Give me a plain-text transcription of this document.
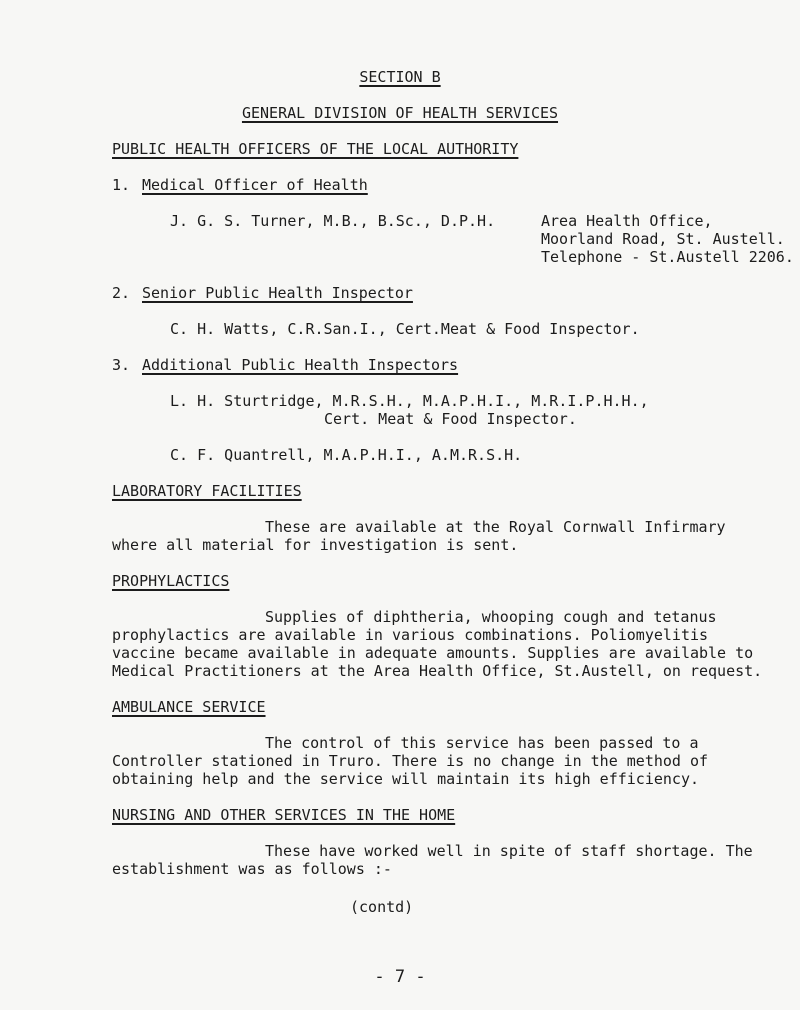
SECTION B
GENERAL DIVISION OF HEALTH SERVICES
PUBLIC HEALTH OFFICERS OF THE LOCAL AUTHORITY
1. Medical Officer of Health
J. G. S. Turner, M.B., B.Sc., D.P.H.	Area Health Office,
Moorland Road, St. Austell.
Telephone - St.Austell 2206.
2. Senior Public Health Inspector
C. H. Watts, C.R.San.I., Cert.Meat & Food Inspector.
3. Additional Public Health Inspectors
L. H. Sturtridge, M.R.S.H., M.A.P.H.I., M.R.I.P.H.H.,
Cert. Meat & Food Inspector.
C. F. Quantrell, M.A.P.H.I., A.M.R.S.H.
LABORATORY FACILITIES
These are available at the Royal Cornwall Infirmary
where all material for investigation is sent.
PROPHYLACTICS
Supplies of diphtheria, whooping cough and tetanus
prophylactics are available in various combinations. Poliomyelitis
vaccine became available in adequate amounts. Supplies are available to
Medical Practitioners at the Area Health Office, St.Austell, on request.
AMBULANCE SERVICE
The control of this service has been passed to a
Controller stationed in Truro. There is no change in the method of
obtaining help and the service will maintain its high efficiency.
NURSING AND OTHER SERVICES IN THE HOME
These have worked well in spite of staff shortage. The
establishment was as follows :-
(contd)
- 7 -
